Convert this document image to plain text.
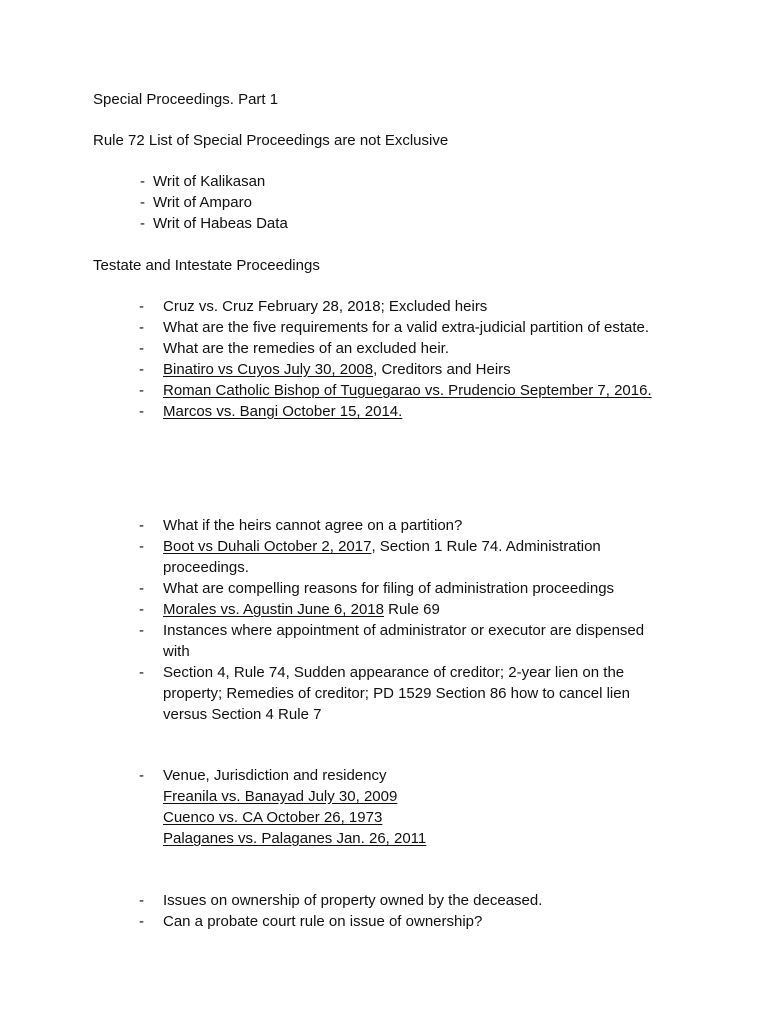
Special Proceedings. Part 1
Rule 72 List of Special Proceedings are not Exclusive
- Writ of Kalikasan
- Writ of Amparo
- Writ of Habeas Data
Testate and Intestate Proceedings
- Cruz vs. Cruz February 28, 2018; Excluded heirs
- What are the five requirements for a valid extra-judicial partition of estate.
- What are the remedies of an excluded heir.
- Binatiro vs Cuyos July 30, 2008, Creditors and Heirs
- Roman Catholic Bishop of Tuguegarao vs. Prudencio September 7, 2016.
- Marcos vs. Bangi October 15, 2014.
- What if the heirs cannot agree on a partition?
- Boot vs Duhali October 2, 2017, Section 1 Rule 74. Administration proceedings.
- What are compelling reasons for filing of administration proceedings
- Morales vs. Agustin June 6, 2018 Rule 69
- Instances where appointment of administrator or executor are dispensed with
- Section 4, Rule 74, Sudden appearance of creditor; 2-year lien on the property; Remedies of creditor; PD 1529 Section 86 how to cancel lien versus Section 4 Rule 7
- Venue, Jurisdiction and residency
Freanila vs. Banayad July 30, 2009
Cuenco vs. CA October 26, 1973
Palaganes vs. Palaganes Jan. 26, 2011
- Issues on ownership of property owned by the deceased.
- Can a probate court rule on issue of ownership?
